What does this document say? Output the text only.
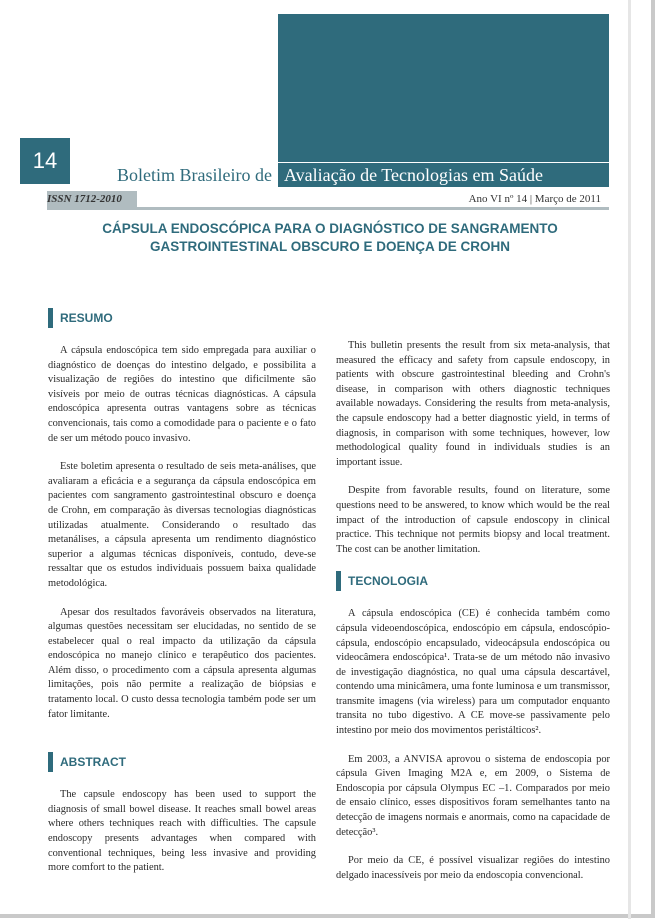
14
Boletim Brasileiro de Avaliação de Tecnologias em Saúde
ISSN 1712-2010	Ano VI nº 14 | Março de 2011
CÁPSULA ENDOSCÓPICA PARA O DIAGNÓSTICO DE SANGRAMENTO
GASTROINTESTINAL OBSCURO E DOENÇA DE CROHN
RESUMO

A cápsula endoscópica tem sido empregada para auxiliar o diagnóstico de doenças do intestino delgado, e possibilita a visualização de regiões do intestino que dificilmente são visíveis por meio de outras técnicas diagnósticas. A cápsula endoscópica apresenta outras vantagens sobre as técnicas convencionais, tais como a comodidade para o paciente e o fato de ser um método pouco invasivo.

Este boletim apresenta o resultado de seis meta-análises, que avaliaram a eficácia e a segurança da cápsula endoscópica em pacientes com sangramento gastrointestinal obscuro e doença de Crohn, em comparação às diversas tecnologias diagnósticas utilizadas atualmente. Considerando o resultado das metanálises, a cápsula apresenta um rendimento diagnóstico superior a algumas técnicas disponíveis, contudo, deve-se ressaltar que os estudos individuais possuem baixa qualidade metodológica.

Apesar dos resultados favoráveis observados na literatura, algumas questões necessitam ser elucidadas, no sentido de se estabelecer qual o real impacto da utilização da cápsula endoscópica no manejo clínico e terapêutico dos pacientes. Além disso, o procedimento com a cápsula apresenta algumas limitações, pois não permite a realização de biópsias e tratamento local. O custo dessa tecnologia também pode ser um fator limitante.

ABSTRACT

The capsule endoscopy has been used to support the diagnosis of small bowel disease. It reaches small bowel areas where others techniques reach with difficulties. The capsule endoscopy presents advantages when compared with conventional techniques, being less invasive and providing more comfort to the patient.

This bulletin presents the result from six meta-analysis, that measured the efficacy and safety from capsule endoscopy, in patients with obscure gastrointestinal bleeding and Crohn's disease, in comparison with others diagnostic techniques available nowadays. Considering the results from meta-analysis, the capsule endoscopy had a better diagnostic yield, in terms of diagnosis, in comparison with some techniques, however, low methodological quality found in individuals studies is an important issue.

Despite from favorable results, found on literature, some questions need to be answered, to know which would be the real impact of the introduction of capsule endoscopy in clinical practice. This technique not permits biopsy and local treatment. The cost can be another limitation.

TECNOLOGIA

A cápsula endoscópica (CE) é conhecida também como cápsula videoendoscópica, endoscópio em cápsula, endoscópio-cápsula, endoscópio encapsulado, videocápsula endoscópica ou videocâmera endoscópica¹. Trata-se de um método não invasivo de investigação diagnóstica, no qual uma cápsula descartável, contendo uma minicâmera, uma fonte luminosa e um transmissor, transmite imagens (via wireless) para um computador enquanto transita no tubo digestivo. A CE move-se passivamente pelo intestino por meio dos movimentos peristálticos².

Em 2003, a ANVISA aprovou o sistema de endoscopia por cápsula Given Imaging M2A e, em 2009, o Sistema de Endoscopia por cápsula Olympus EC –1. Comparados por meio de ensaio clínico, esses dispositivos foram semelhantes tanto na detecção de imagens normais e anormais, como na capacidade de detecção³.

Por meio da CE, é possível visualizar regiões do intestino delgado inacessíveis por meio da endoscopia convencional.
